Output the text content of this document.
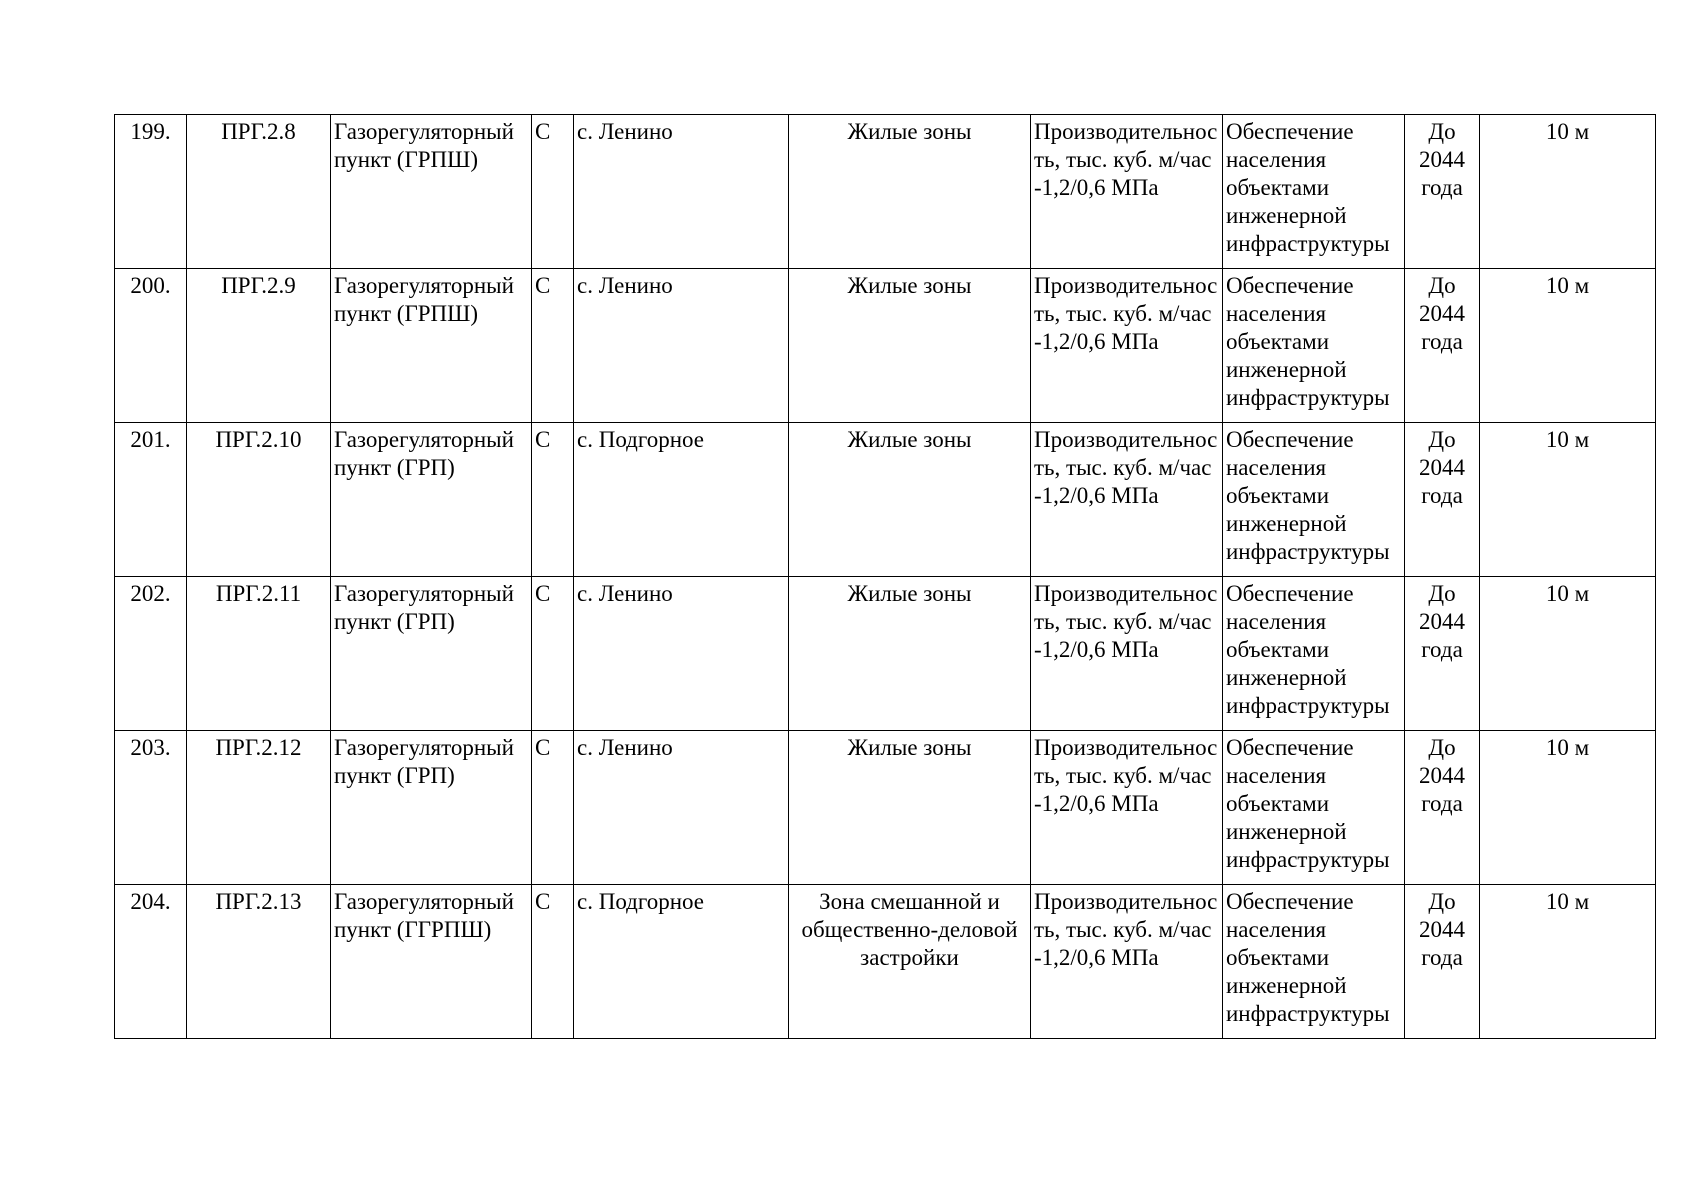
199.	ПРГ.2.8	Газорегуляторный пункт (ГРПШ)	С	с. Ленино	Жилые зоны	Производительность, тыс. куб. м/час -1,2/0,6 МПа	Обеспечение населения объектами инженерной инфраструктуры	До 2044 года	10 м
200.	ПРГ.2.9	Газорегуляторный пункт (ГРПШ)	С	с. Ленино	Жилые зоны	Производительность, тыс. куб. м/час -1,2/0,6 МПа	Обеспечение населения объектами инженерной инфраструктуры	До 2044 года	10 м
201.	ПРГ.2.10	Газорегуляторный пункт (ГРП)	С	с. Подгорное	Жилые зоны	Производительность, тыс. куб. м/час -1,2/0,6 МПа	Обеспечение населения объектами инженерной инфраструктуры	До 2044 года	10 м
202.	ПРГ.2.11	Газорегуляторный пункт (ГРП)	С	с. Ленино	Жилые зоны	Производительность, тыс. куб. м/час -1,2/0,6 МПа	Обеспечение населения объектами инженерной инфраструктуры	До 2044 года	10 м
203.	ПРГ.2.12	Газорегуляторный пункт (ГРП)	С	с. Ленино	Жилые зоны	Производительность, тыс. куб. м/час -1,2/0,6 МПа	Обеспечение населения объектами инженерной инфраструктуры	До 2044 года	10 м
204.	ПРГ.2.13	Газорегуляторный пункт (ГГРПШ)	С	с. Подгорное	Зона смешанной и общественно-деловой застройки	Производительность, тыс. куб. м/час -1,2/0,6 МПа	Обеспечение населения объектами инженерной инфраструктуры	До 2044 года	10 м
